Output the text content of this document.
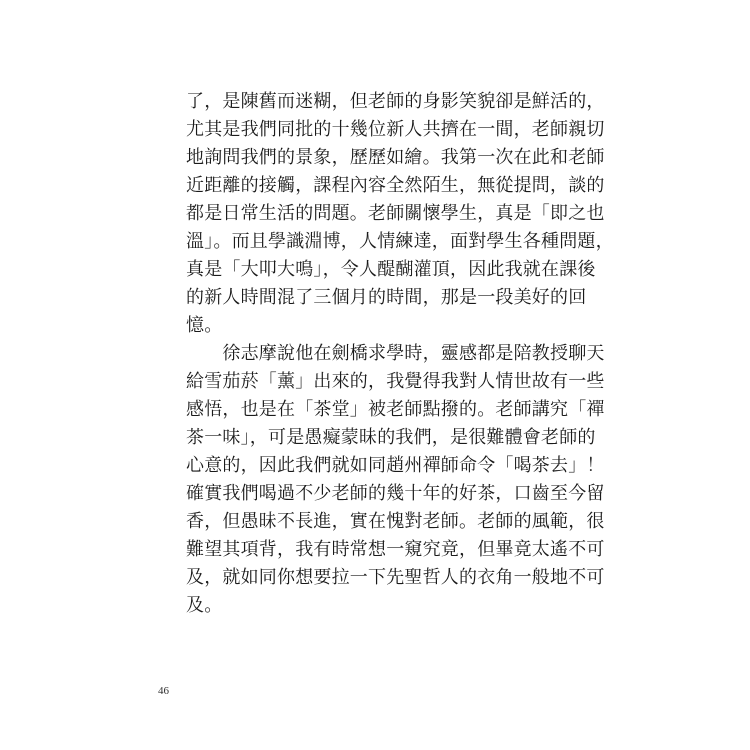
了，是陳舊而迷糊，但老師的身影笑貌卻是鮮活的，
尤其是我們同批的十幾位新人共擠在一間，老師親切
地詢問我們的景象，歷歷如繪。我第一次在此和老師
近距離的接觸，課程內容全然陌生，無從提問，談的
都是日常生活的問題。老師關懷學生，真是「即之也
溫」。而且學識淵博，人情練達，面對學生各種問題，
真是「大叩大鳴」，令人醍醐灌頂，因此我就在課後
的新人時間混了三個月的時間，那是一段美好的回
憶。
　　徐志摩說他在劍橋求學時，靈感都是陪教授聊天
給雪茄菸「薰」出來的，我覺得我對人情世故有一些
感悟，也是在「茶堂」被老師點撥的。老師講究「禪
茶一味」，可是愚癡蒙昧的我們，是很難體會老師的
心意的，因此我們就如同趙州禪師命令「喝茶去」！
確實我們喝過不少老師的幾十年的好茶，口齒至今留
香，但愚昧不長進，實在愧對老師。老師的風範，很
難望其項背，我有時常想一窺究竟，但畢竟太遙不可
及，就如同你想要拉一下先聖哲人的衣角一般地不可
及。
46
